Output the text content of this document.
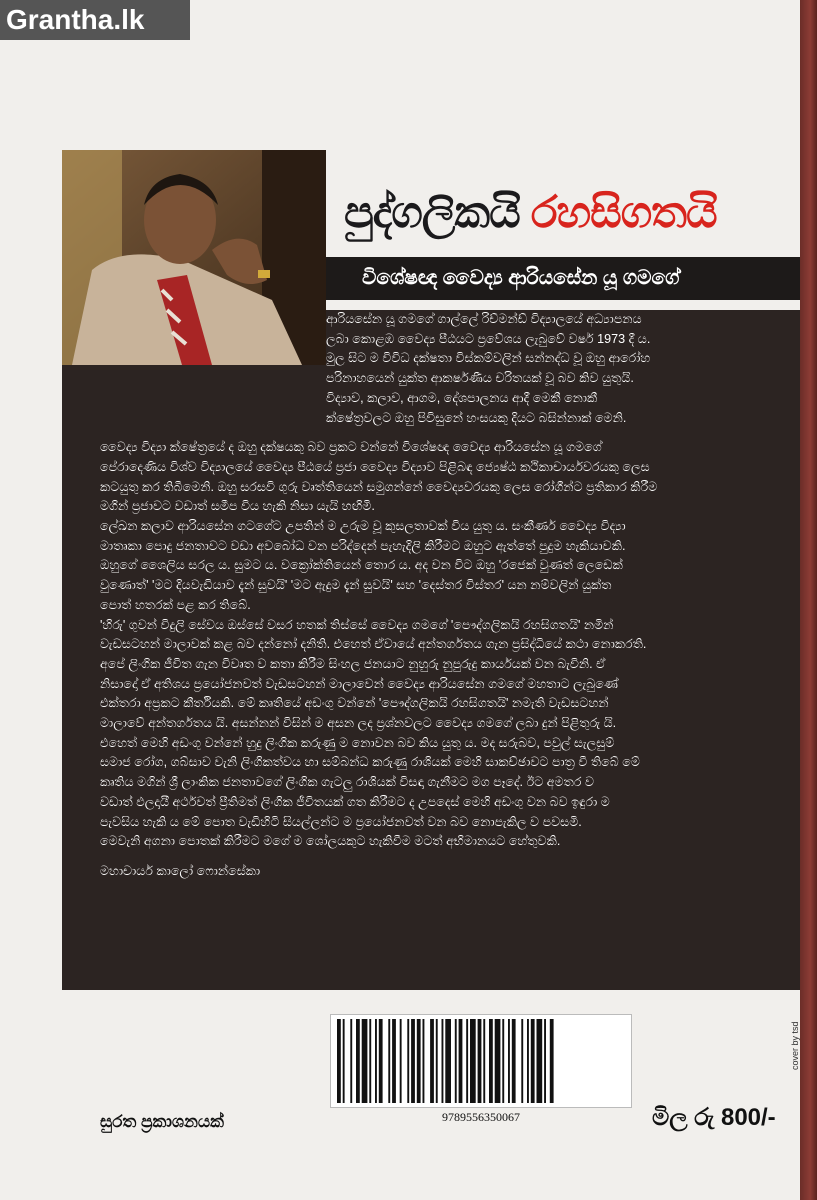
Grantha.lk
පුද්ගලිකයි රහසිගතයි
විශේෂඥ වෛද්‍ය ආරියසේන යූ ගමගේ

ආරියසේන යූ ගමගේ ගාල්ලේ රිච්මන්ඩ් විද්‍යාලයේ අධ්‍යාපනය

ලබා කොළඹ වෛද්‍ය පීඨයට ප්‍රවේශය ලැබුවේ වර්ෂ 1973 දී ය.

මුල සිට ම විවිධ දක්ෂතා විස්කම්වලින් සන්නද්ධ වූ ඔහු ආරෝහ

පරිනාහයෙන් යුක්ත ආකර්ෂණීය චරිතයක් වූ බව කිව යුතුයි.

විද්‍යාව, කලාව, ආගම, දේශපාලනය ආදී මෙකී නොකී

ක්ෂේත්‍රවලට ඔහු පිවිසුනේ හංසයකු දියට බසින්නාක් මෙනි.

වෛද්‍ය විද්‍යා ක්ෂේත්‍රයේ ද ඔහු දක්ෂයකු බව ප්‍රකට වන්නේ විශේෂඥ වෛද්‍ය ආරියසේන යූ ගමගේ

පේරාදෙණිය විශ්ව විද්‍යාලයේ වෛද්‍ය පීඨයේ ප්‍රජා වෛද්‍ය විද්‍යාව පිළිබඳ ජ්‍යෙෂ්ඨ කථිකාචාර්යවරයකු ලෙස

කටයුතු කර තිබීමෙනි. ඔහු සරසවි ගුරු වෘත්තියෙන් සමුගන්නේ වෛද්‍යවරයකු ලෙස රෝගීන්ට ප්‍රතිකාර කිරීම

මගින් ප්‍රජාවට වඩාත් සමීප විය හැකි නිසා යැයි හඟිමි.

ලේඛන කලාව ආරියසේන ගටගේට උපතින් ම උරුම වූ කුසලතාවක් විය යුතු ය. සංකීර්ණ වෛද්‍ය විද්‍යා

මාතෘකා පොදු ජනතාවට වඩා අවබෝධ වන පරිද්දෙන් පැහැදිලි කිරීමට ඔහුට ඇත්තේ පුදුම හැකියාවකි.

ඔහුගේ ශෛලිය සරල ය. සුමට ය. වක්‍රෝක්තියෙන් තොර ය. අද වන විට ඔහු 'රජෙක් වුණත් ලෙඩෙක්

වුණොත්' 'මට දියවැඩියාව දැන් සුවයි' 'මට ඇදුම දැන් සුවයි' සහ 'දෙස්තර විස්තර' යන නම්වලින් යුක්ත

පොත් හතරක් පළ කර තිබේ.

'හිරු' ගුවන් විදුලි සේවය ඔස්සේ වසර හතක් තිස්සේ වෛද්‍ය ගමගේ 'පෞද්ගලිකයි රහසිගතයි' නමින්

වැඩසටහන් මාලාවක් කළ බව දන්නෝ දනිති. එහෙත් ඒවායේ අන්තර්ගතය ගැන ප්‍රසිද්ධියේ කථා නොකරති.

අපේ ලිංගික ජීවිත ගැන විවෘත ව කතා කිරීම සිංහල ජනයාට නුහුරු නුපුරුදු කාර්යයක් වන බැවිනි. ඒ

නිසාදෝ ඒ අතිශය ප්‍රයෝජනවත් වැඩසටහන් මාලාවෙන් වෛද්‍ය ආරියසේන ගමගේ මහතාට ලැබුණේ

එක්තරා අප්‍රකට කීර්තියකි. මේ කෘතියේ අඩංගු වන්නේ 'පෞද්ගලිකයි රහසිගතයි' නමැති වැඩසටහන්

මාලාවේ අන්තර්ගතය යි. අසන්නන් විසින් ම අසන ලද ප්‍රශ්නවලට වෛද්‍ය ගමගේ ලබා දුන් පිළිතුරු යි.

එහෙත් මෙහි අඩංගු වන්නේ හුදු ලිංගික කරුණු ම නොවන බව කිය යුතු ය. මද සරුබව, පවුල් සැලසුම්

සමාජ රෝග, ගබ්සාව වැනි ලිංගිකත්වය හා සම්බන්ධ කරුණු රාශියක් මෙහි සාකච්ඡාවට පාත්‍ර වී තිබේ මේ

කෘතිය මගින් ශ්‍රී ලාංකික ජනතාවගේ ලිංගික ගැටලු රාශියක් විසඳා ගැනීමට මග පෑදේ. ඊට අමතර ව

වඩාත් ඵලදායී අර්ථවත් ප්‍රීතිමත් ලිංගික ජීවිතයක් ගත කිරීමට ද උපදෙස් මෙහි අඩංගු වන බව ඉඳුරා ම

පැවසිය හැකි ය මේ පොත වැඩිහිටි සියල්ලන්ට ම ප්‍රයෝජනවත් වන බව නොපැකිල ව පවසමි.

මෙවැනි අගනා පොතක් කිරීමට මගේ ම ශෝලයකුට හැකිවීම මටත් අභිමානයට හේතුවකි.

මහාචාර්ය කාලෝ ෆොන්සේකා

9789556350067
සුරත ප්‍රකාශනයක්	මිල රු 800/-
cover by tsd
